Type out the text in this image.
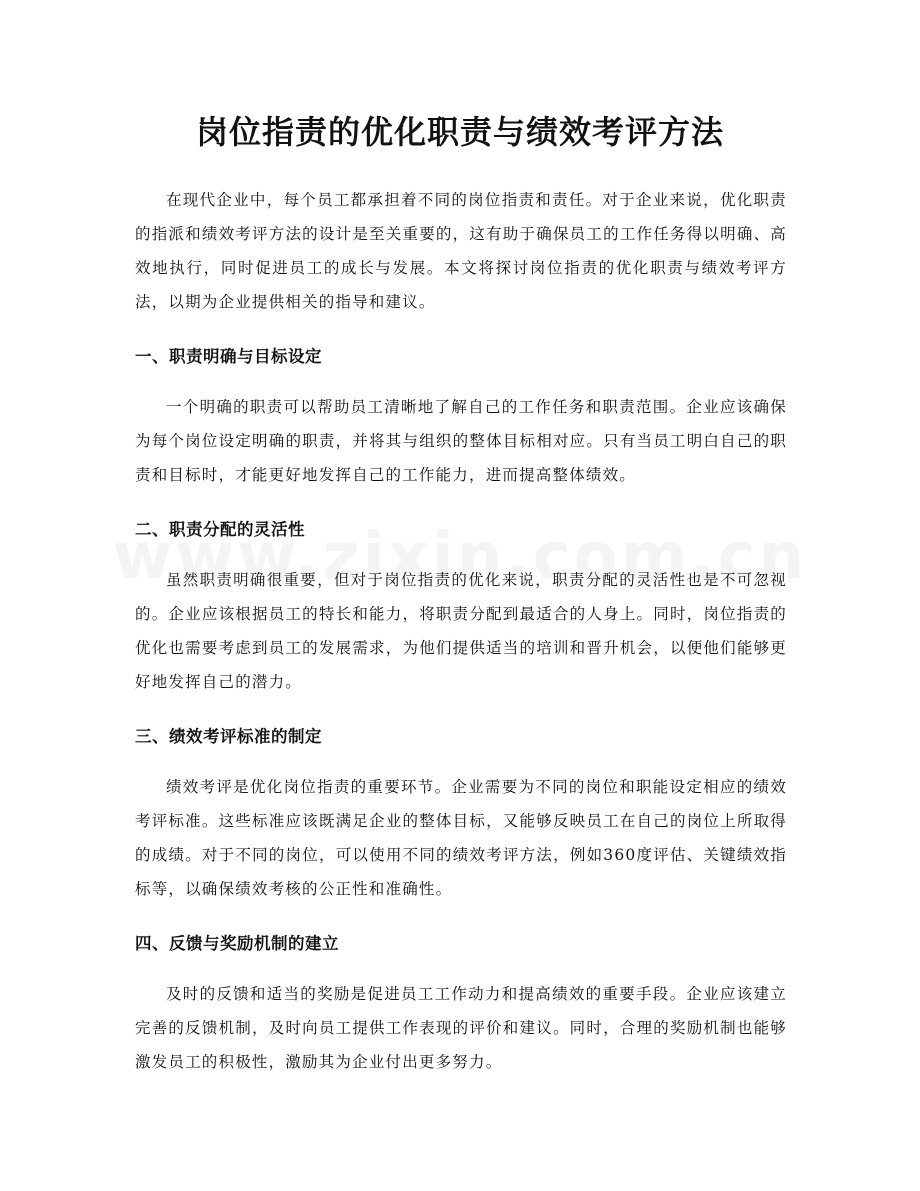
岗位指责的优化职责与绩效考评方法

在现代企业中，每个员工都承担着不同的岗位指责和责任。对于企业来说，优化职责的指派和绩效考评方法的设计是至关重要的，这有助于确保员工的工作任务得以明确、高效地执行，同时促进员工的成长与发展。本文将探讨岗位指责的优化职责与绩效考评方法，以期为企业提供相关的指导和建议。

一、职责明确与目标设定

一个明确的职责可以帮助员工清晰地了解自己的工作任务和职责范围。企业应该确保为每个岗位设定明确的职责，并将其与组织的整体目标相对应。只有当员工明白自己的职责和目标时，才能更好地发挥自己的工作能力，进而提高整体绩效。

二、职责分配的灵活性

虽然职责明确很重要，但对于岗位指责的优化来说，职责分配的灵活性也是不可忽视的。企业应该根据员工的特长和能力，将职责分配到最适合的人身上。同时，岗位指责的优化也需要考虑到员工的发展需求，为他们提供适当的培训和晋升机会，以便他们能够更好地发挥自己的潜力。

三、绩效考评标准的制定

绩效考评是优化岗位指责的重要环节。企业需要为不同的岗位和职能设定相应的绩效考评标准。这些标准应该既满足企业的整体目标，又能够反映员工在自己的岗位上所取得的成绩。对于不同的岗位，可以使用不同的绩效考评方法，例如360度评估、关键绩效指标等，以确保绩效考核的公正性和准确性。

四、反馈与奖励机制的建立

及时的反馈和适当的奖励是促进员工工作动力和提高绩效的重要手段。企业应该建立完善的反馈机制，及时向员工提供工作表现的评价和建议。同时，合理的奖励机制也能够激发员工的积极性，激励其为企业付出更多努力。
